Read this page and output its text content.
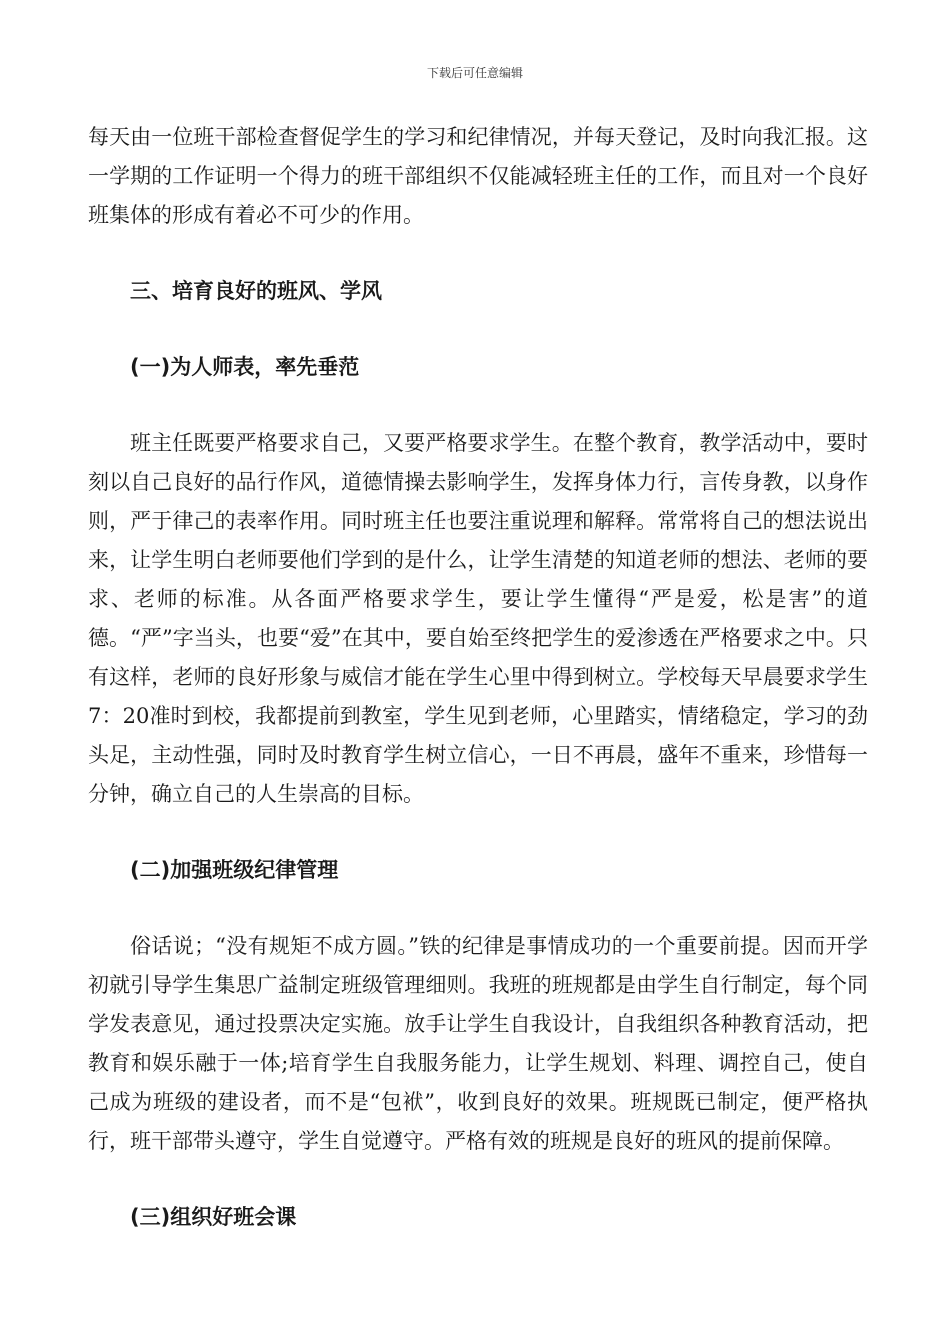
下载后可任意编辑

每天由一位班干部检查督促学生的学习和纪律情况，并每天登记，及时向我汇报。这一学期的工作证明一个得力的班干部组织不仅能减轻班主任的工作，而且对一个良好班集体的形成有着必不可少的作用。

三、培育良好的班风、学风

(一)为人师表，率先垂范

班主任既要严格要求自己，又要严格要求学生。在整个教育，教学活动中，要时刻以自己良好的品行作风，道德情操去影响学生，发挥身体力行，言传身教，以身作则，严于律己的表率作用。同时班主任也要注重说理和解释。常常将自己的想法说出来，让学生明白老师要他们学到的是什么，让学生清楚的知道老师的想法、老师的要求、老师的标准。从各面严格要求学生，要让学生懂得“严是爱，松是害”的道德。“严”字当头，也要“爱”在其中，要自始至终把学生的爱渗透在严格要求之中。只有这样，老师的良好形象与威信才能在学生心里中得到树立。学校每天早晨要求学生7：20准时到校，我都提前到教室，学生见到老师，心里踏实，情绪稳定，学习的劲头足，主动性强，同时及时教育学生树立信心，一日不再晨，盛年不重来，珍惜每一分钟，确立自己的人生崇高的目标。

(二)加强班级纪律管理

俗话说；“没有规矩不成方圆。”铁的纪律是事情成功的一个重要前提。因而开学初就引导学生集思广益制定班级管理细则。我班的班规都是由学生自行制定，每个同学发表意见，通过投票决定实施。放手让学生自我设计，自我组织各种教育活动，把教育和娱乐融于一体;培育学生自我服务能力，让学生规划、料理、调控自己，使自己成为班级的建设者，而不是“包袱”，收到良好的效果。班规既已制定，便严格执行，班干部带头遵守，学生自觉遵守。严格有效的班规是良好的班风的提前保障。

(三)组织好班会课
